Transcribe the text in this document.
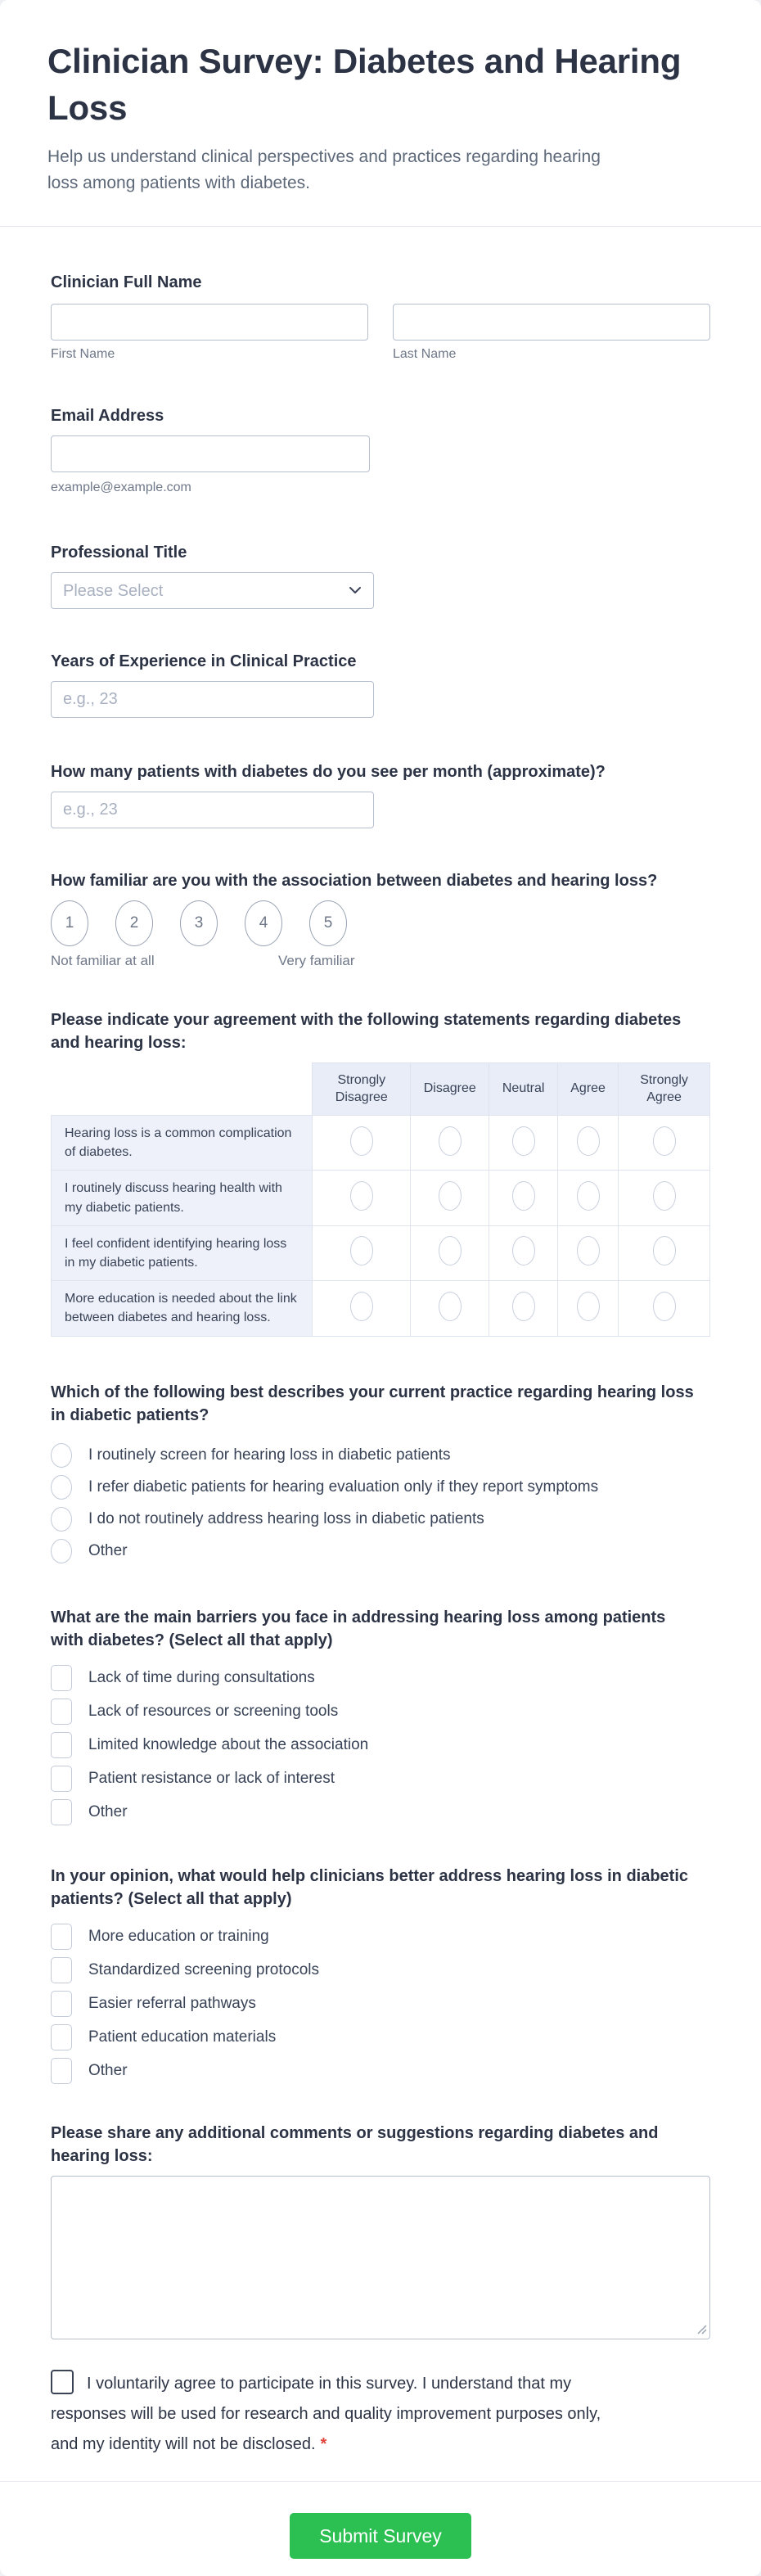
Clinician Survey: Diabetes and Hearing Loss
Help us understand clinical perspectives and practices regarding hearing loss among patients with diabetes.
Clinician Full Name
First Name	Last Name
Email Address
example@example.com
Professional Title
Please Select
Years of Experience in Clinical Practice
e.g., 23
How many patients with diabetes do you see per month (approximate)?
e.g., 23
How familiar are you with the association between diabetes and hearing loss?
1	2	3	4	5
Not familiar at all	Very familiar
Please indicate your agreement with the following statements regarding diabetes and hearing loss:
	Strongly Disagree	Disagree	Neutral	Agree	Strongly Agree
Hearing loss is a common complication of diabetes.					
I routinely discuss hearing health with my diabetic patients.					
I feel confident identifying hearing loss in my diabetic patients.					
More education is needed about the link between diabetes and hearing loss.					
Which of the following best describes your current practice regarding hearing loss in diabetic patients?
I routinely screen for hearing loss in diabetic patients
I refer diabetic patients for hearing evaluation only if they report symptoms
I do not routinely address hearing loss in diabetic patients
Other
What are the main barriers you face in addressing hearing loss among patients with diabetes? (Select all that apply)
Lack of time during consultations
Lack of resources or screening tools
Limited knowledge about the association
Patient resistance or lack of interest
Other
In your opinion, what would help clinicians better address hearing loss in diabetic patients? (Select all that apply)
More education or training
Standardized screening protocols
Easier referral pathways
Patient education materials
Other
Please share any additional comments or suggestions regarding diabetes and hearing loss:

I voluntarily agree to participate in this survey. I understand that my responses will be used for research and quality improvement purposes only, and my identity will not be disclosed. *

Submit Survey
